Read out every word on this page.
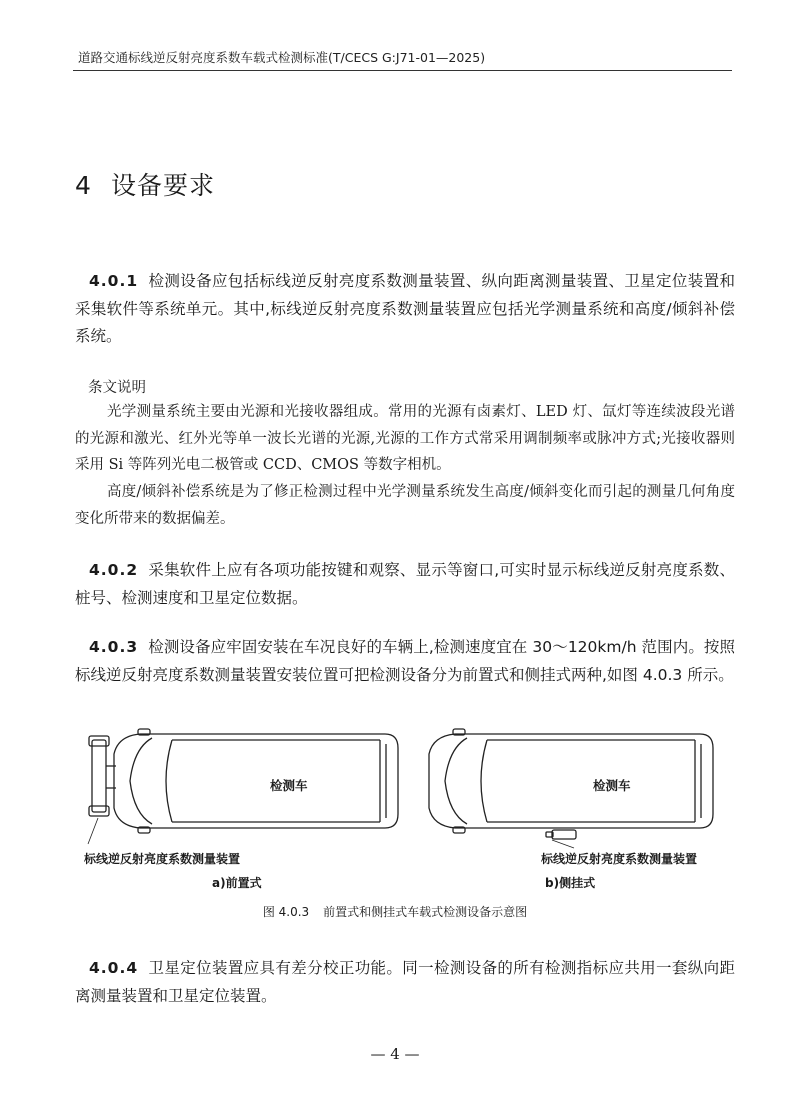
道路交通标线逆反射亮度系数车载式检测标准(T/CECS G:J71-01—2025)
4 设备要求
4.0.1 检测设备应包括标线逆反射亮度系数测量装置、纵向距离测量装置、卫星定位装置和采集软件等系统单元。其中,标线逆反射亮度系数测量装置应包括光学测量系统和高度/倾斜补偿系统。
条文说明
光学测量系统主要由光源和光接收器组成。常用的光源有卤素灯、LED 灯、氙灯等连续波段光谱的光源和激光、红外光等单一波长光谱的光源,光源的工作方式常采用调制频率或脉冲方式;光接收器则采用 Si 等阵列光电二极管或 CCD、CMOS 等数字相机。
高度/倾斜补偿系统是为了修正检测过程中光学测量系统发生高度/倾斜变化而引起的测量几何角度变化所带来的数据偏差。
4.0.2 采集软件上应有各项功能按键和观察、显示等窗口,可实时显示标线逆反射亮度系数、桩号、检测速度和卫星定位数据。
4.0.3 检测设备应牢固安装在车况良好的车辆上,检测速度宜在 30～120km/h 范围内。按照标线逆反射亮度系数测量装置安装位置可把检测设备分为前置式和侧挂式两种,如图 4.0.3 所示。
检测车	检测车
标线逆反射亮度系数测量装置	标线逆反射亮度系数测量装置
a)前置式	b)侧挂式
图 4.0.3 前置式和侧挂式车载式检测设备示意图
4.0.4 卫星定位装置应具有差分校正功能。同一检测设备的所有检测指标应共用一套纵向距离测量装置和卫星定位装置。
— 4 —
